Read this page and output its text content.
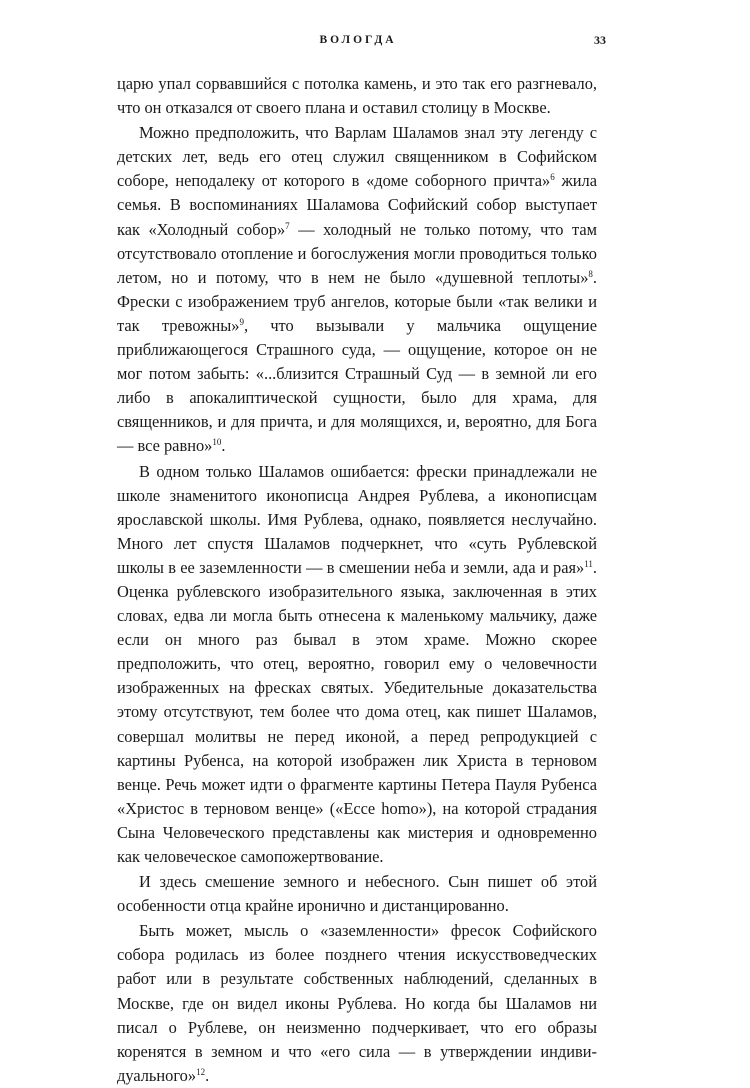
ВОЛОГДА	33

царю упал сорвавшийся с потолка камень, и это так его разгневало, что он отказался от своего плана и оставил столицу в Москве.

Можно предположить, что Варлам Шаламов знал эту легенду с детских лет, ведь его отец служил священником в Софийском соборе, неподалеку от которого в «доме соборного причта»$^6$ жила семья. В воспоминаниях Шаламова Софийский собор выступает как «Холодный собор»$^7$ — холодный не только потому, что там отсутствовало отопление и богослужения могли проводиться только летом, но и потому, что в нем не было «душевной теплоты»$^8$. Фрески с изображением труб ангелов, которые были «так велики и так тревожны»$^9$, что вызывали у мальчика ощущение приближающегося Страшного суда, — ощущение, которое он не мог потом забыть: «...близится Страшный Суд — в земной ли его либо в апокалиптической сущности, было для храма, для священников, и для причта, и для молящихся, и, вероятно, для Бога — все равно»$^{10}$.

В одном только Шаламов ошибается: фрески принадлежали не школе знаменитого иконописца Андрея Рублева, а иконописцам ярославской школы. Имя Рублева, однако, появляется неслучайно. Много лет спустя Шаламов подчеркнет, что «суть Рублевской школы в ее заземленности — в смешении неба и земли, ада и рая»$^{11}$. Оценка рублевского изобразительного языка, заключенная в этих словах, едва ли могла быть отнесена к маленькому мальчику, даже если он много раз бывал в этом храме. Можно скорее предположить, что отец, вероятно, говорил ему о человечности изображенных на фресках святых. Убедительные доказательства этому отсутствуют, тем более что дома отец, как пишет Шаламов, совершал молитвы не перед иконой, а перед репродукцией с картины Рубенса, на которой изображен лик Христа в терновом венце. Речь может идти о фрагменте картины Петера Пауля Рубенса «Христос в терновом венце» («Ecce homo»), на которой страдания Сына Человеческого представлены как мистерия и одновременно как человеческое самопожертвование.

И здесь смешение земного и небесного. Сын пишет об этой особенности отца крайне иронично и дистанцированно.

Быть может, мысль о «заземленности» фресок Софийского собора родилась из более позднего чтения искусствоведческих работ или в результате собственных наблюдений, сделанных в Москве, где он видел иконы Рублева. Но когда бы Шаламов ни писал о Рублеве, он неизменно подчеркивает, что его образы коренятся в земном и что «его сила — в утверждении индивидуального»$^{12}$.
